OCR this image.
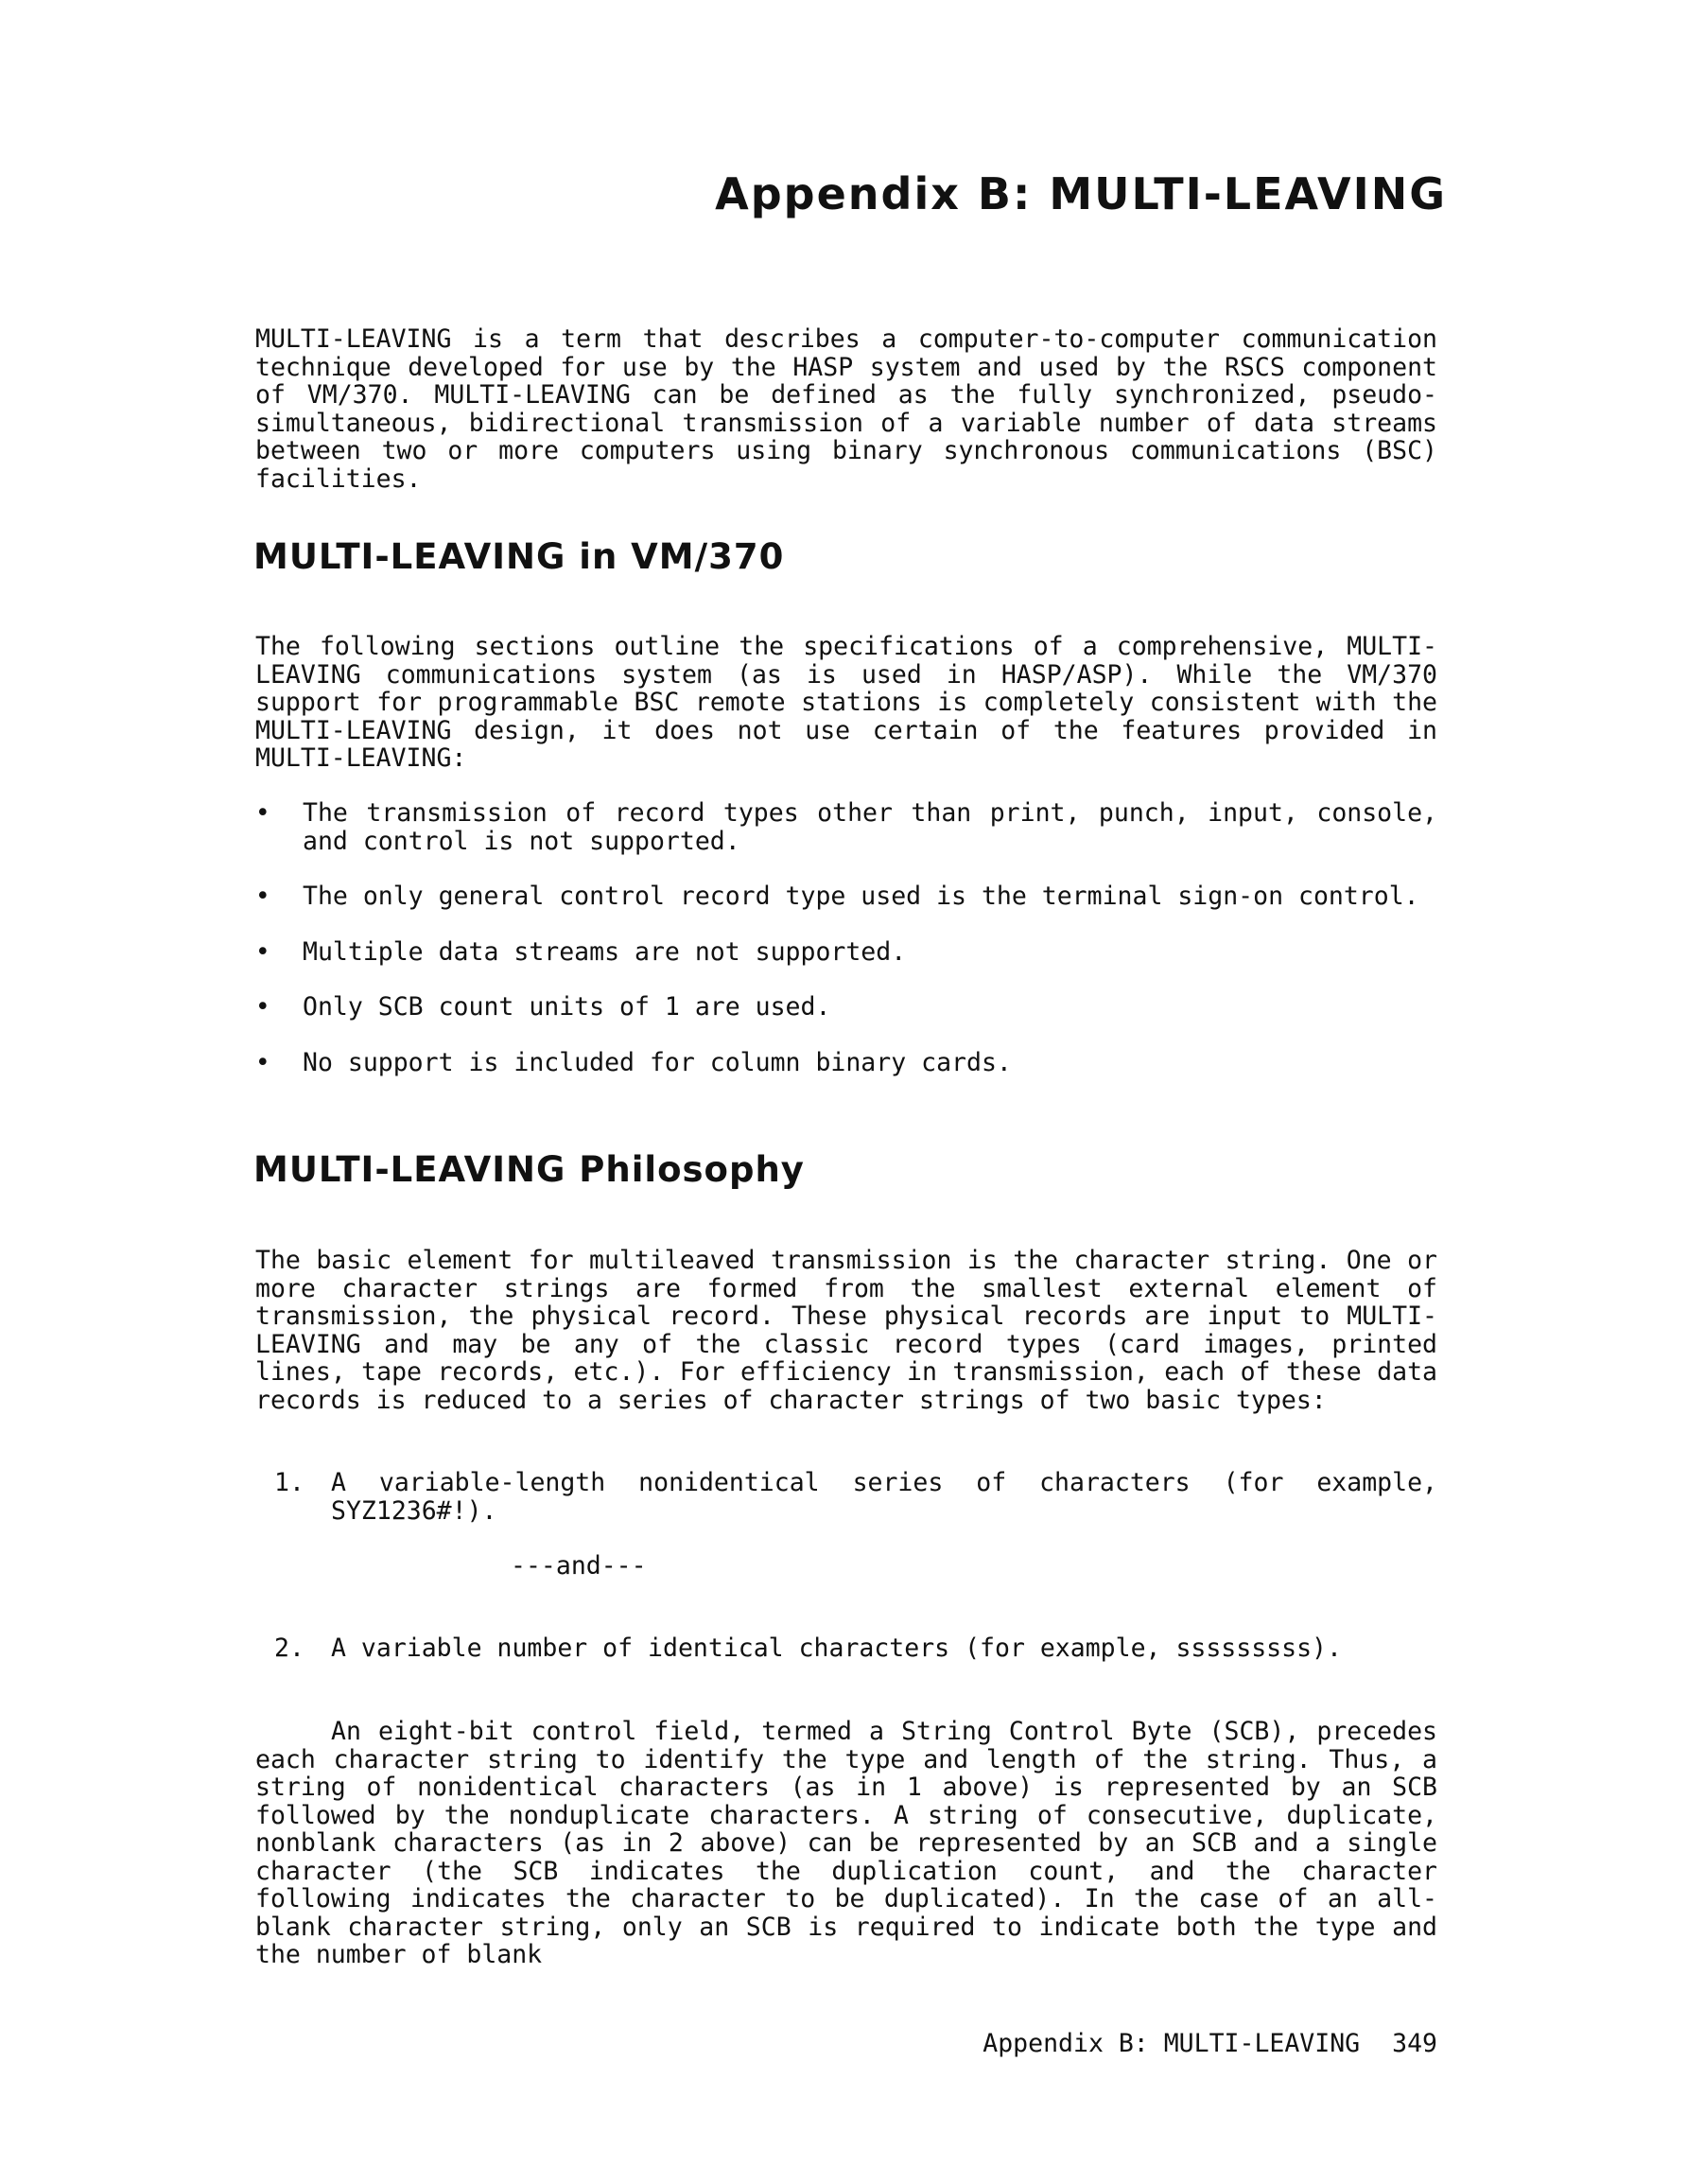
Appendix B: MULTI-LEAVING

MULTI-LEAVING is a term that describes a computer-to-computer communication technique developed for use by the HASP system and used by the RSCS component of VM/370. MULTI-LEAVING can be defined as the fully synchronized, pseudo-simultaneous, bidirectional transmission of a variable number of data streams between two or more computers using binary synchronous communications (BSC) facilities.

MULTI-LEAVING in VM/370

The following sections outline the specifications of a comprehensive, MULTI-LEAVING communications system (as is used in HASP/ASP). While the VM/370 support for programmable BSC remote stations is completely consistent with the MULTI-LEAVING design, it does not use certain of the features provided in MULTI-LEAVING:

• The transmission of record types other than print, punch, input, console, and control is not supported.
• The only general control record type used is the terminal sign-on control.
• Multiple data streams are not supported.
• Only SCB count units of 1 are used.
• No support is included for column binary cards.
MULTI-LEAVING Philosophy

The basic element for multileaved transmission is the character string. One or more character strings are formed from the smallest external element of transmission, the physical record. These physical records are input to MULTI-LEAVING and may be any of the classic record types (card images, printed lines, tape records, etc.). For efficiency in transmission, each of these data records is reduced to a series of character strings of two basic types:

1. A variable-length nonidentical series of characters (for example, SYZ1236#!).

---and---

2. A variable number of identical characters (for example, sssssssss).

An eight-bit control field, termed a String Control Byte (SCB), precedes each character string to identify the type and length of the string. Thus, a string of nonidentical characters (as in 1 above) is represented by an SCB followed by the nonduplicate characters. A string of consecutive, duplicate, nonblank characters (as in 2 above) can be represented by an SCB and a single character (the SCB indicates the duplication count, and the character following indicates the character to be duplicated). In the case of an all-blank character string, only an SCB is required to indicate both the type and the number of blank

Appendix B: MULTI-LEAVING 349
